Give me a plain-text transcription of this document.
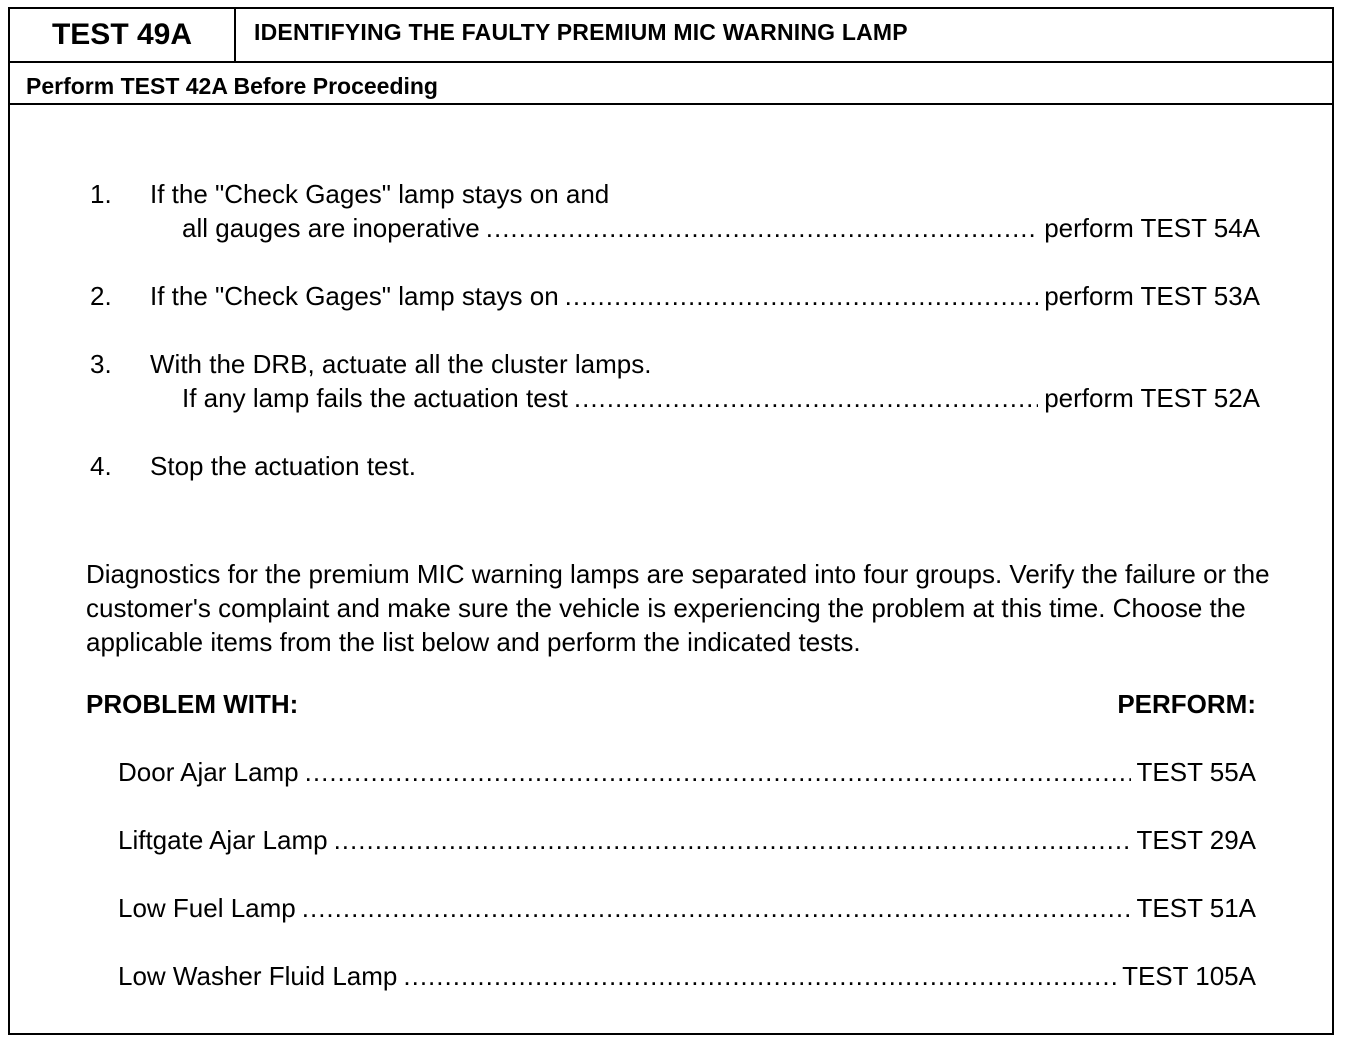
TEST 49A	IDENTIFYING THE FAULTY PREMIUM MIC WARNING LAMP
Perform TEST 42A Before Proceeding
1. If the "Check Gages" lamp stays on and
all gauges are inoperative .....	perform TEST 54A
2. If the "Check Gages" lamp stays on .....	perform TEST 53A
3. With the DRB, actuate all the cluster lamps.
If any lamp fails the actuation test .....	perform TEST 52A
4. Stop the actuation test.
Diagnostics for the premium MIC warning lamps are separated into four groups. Verify the failure or the customer's complaint and make sure the vehicle is experiencing the problem at this time. Choose the applicable items from the list below and perform the indicated tests.
PROBLEM WITH:	PERFORM:
Door Ajar Lamp .....	TEST 55A
Liftgate Ajar Lamp .....	TEST 29A
Low Fuel Lamp .....	TEST 51A
Low Washer Fluid Lamp .....	TEST 105A
